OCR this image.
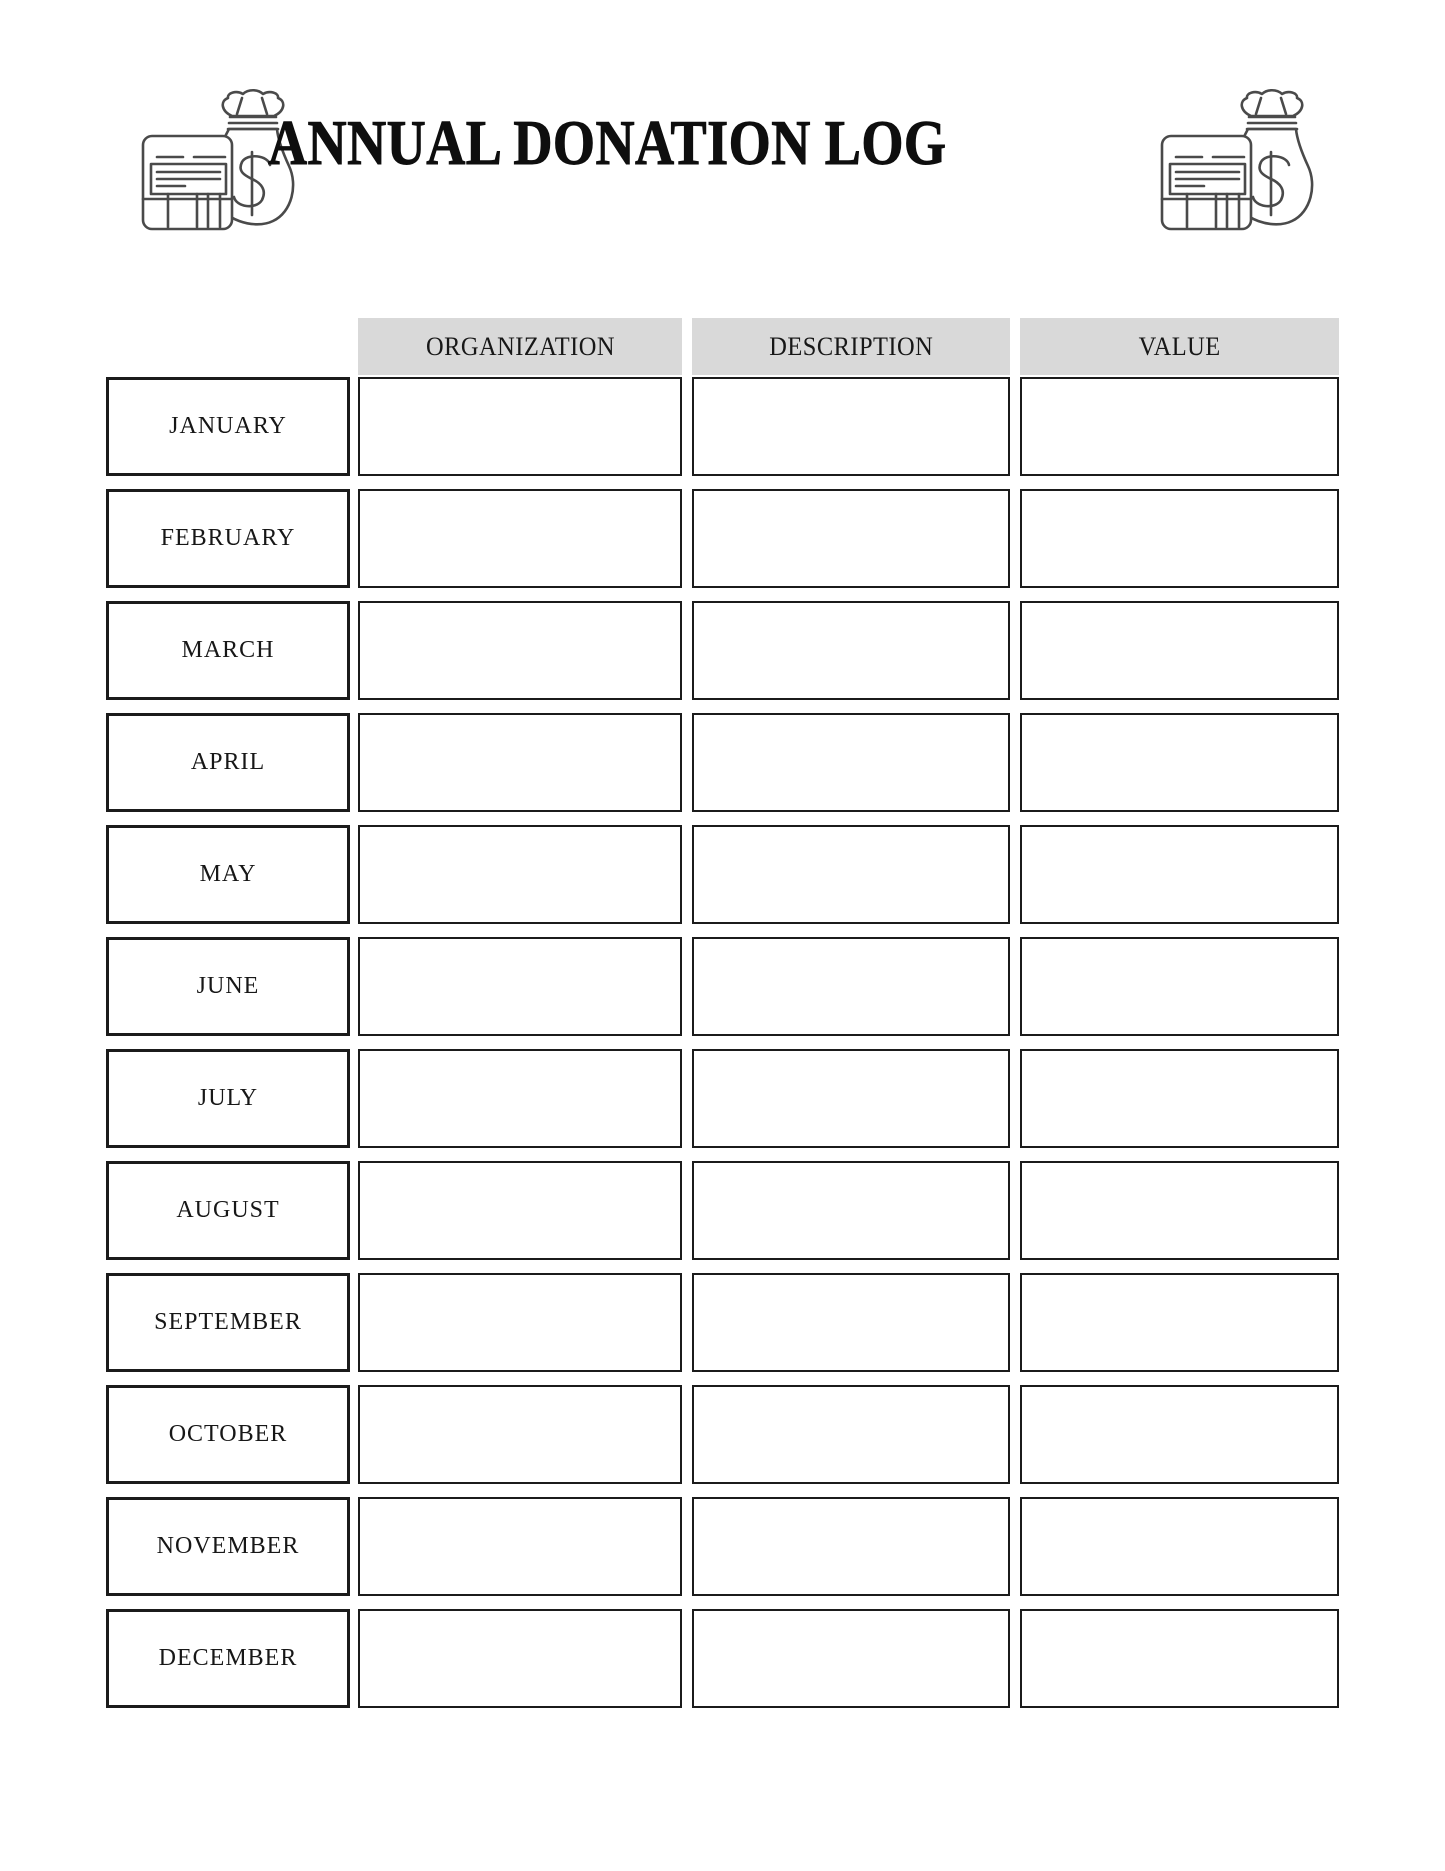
ANNUAL DONATION LOG
JANUARY
FEBRUARY
MARCH
APRIL
MAY
JUNE
JULY
AUGUST
SEPTEMBER
OCTOBER
NOVEMBER
DECEMBER
ORGANIZATION	DESCRIPTION	VALUE
